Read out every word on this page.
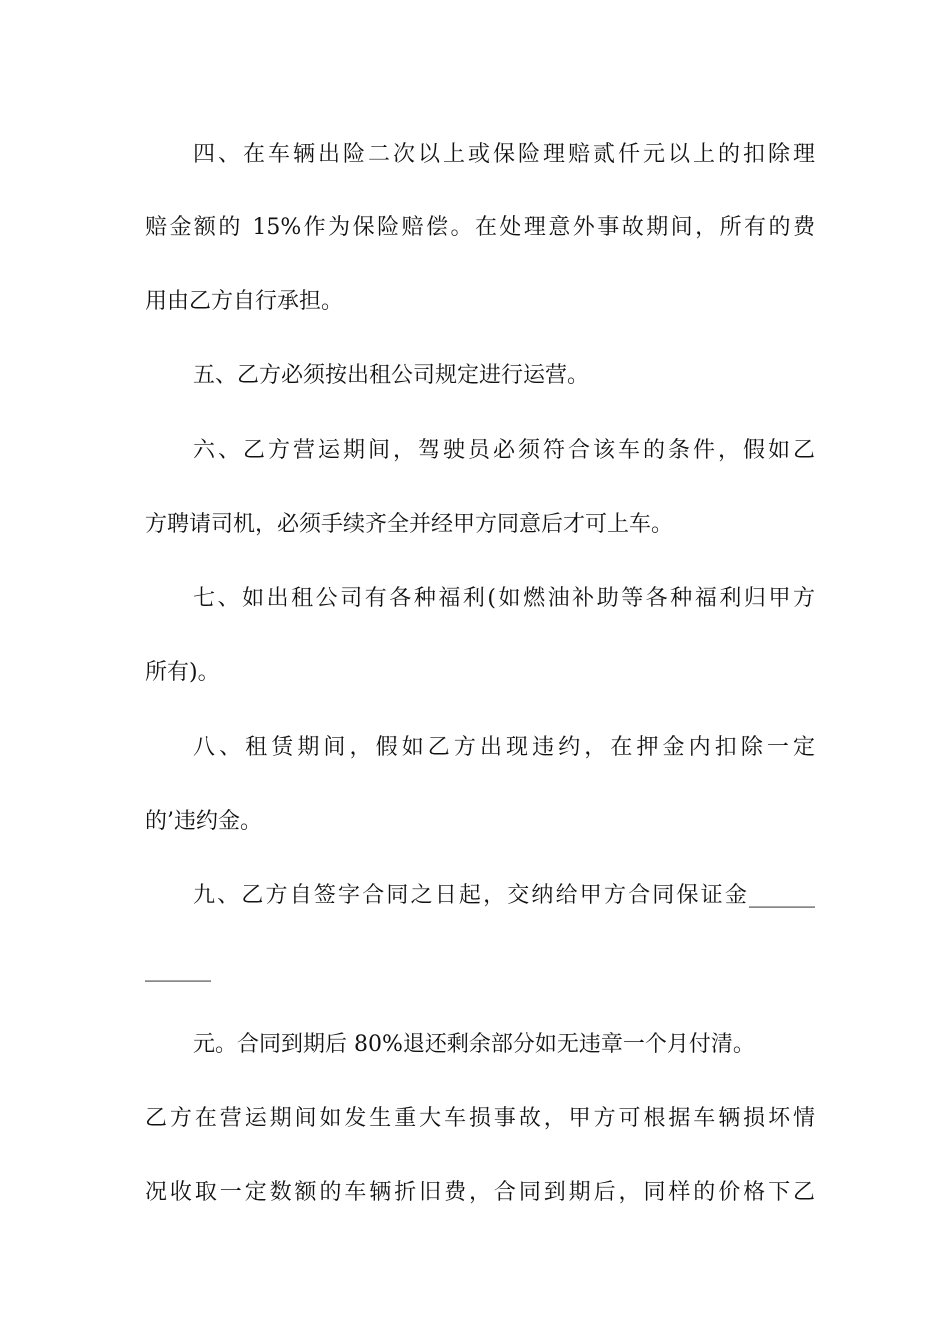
四、在车辆出险二次以上或保险理赔贰仟元以上的扣除理
赔金额的 15%作为保险赔偿。在处理意外事故期间，所有的费
用由乙方自行承担。
五、乙方必须按出租公司规定进行运营。
六、乙方营运期间，驾驶员必须符合该车的条件，假如乙
方聘请司机，必须手续齐全并经甲方同意后才可上车。
七、如出租公司有各种福利(如燃油补助等各种福利归甲方
所有)。
八、租赁期间，假如乙方出现违约，在押金内扣除一定
的’违约金。
九、乙方自签字合同之日起，交纳给甲方合同保证金______
______
元。合同到期后 80%退还剩余部分如无违章一个月付清。
乙方在营运期间如发生重大车损事故，甲方可根据车辆损坏情
况收取一定数额的车辆折旧费，合同到期后，同样的价格下乙
